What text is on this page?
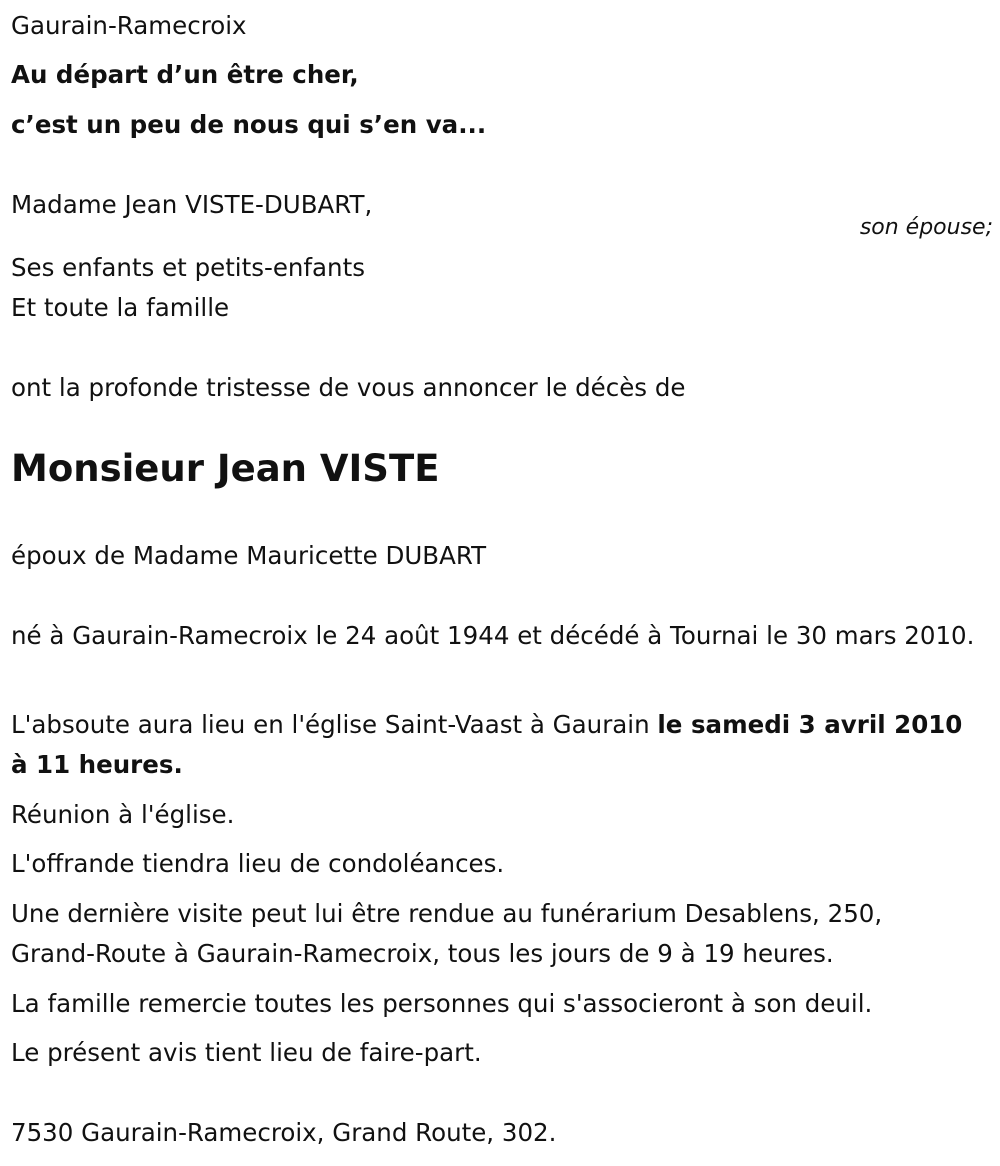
Gaurain-Ramecroix
Au départ d’un être cher,
c’est un peu de nous qui s’en va...
Madame Jean VISTE-DUBART,
son épouse;
Ses enfants et petits-enfants
Et toute la famille
ont la profonde tristesse de vous annoncer le décès de
Monsieur Jean VISTE
époux de Madame Mauricette DUBART
né à Gaurain-Ramecroix le 24 août 1944 et décédé à Tournai le 30 mars 2010.
L'absoute aura lieu en l'église Saint-Vaast à Gaurain le samedi 3 avril 2010 à 11 heures.
Réunion à l'église.
L'offrande tiendra lieu de condoléances.
Une dernière visite peut lui être rendue au funérarium Desablens, 250, Grand-Route à Gaurain-Ramecroix, tous les jours de 9 à 19 heures.
La famille remercie toutes les personnes qui s'associeront à son deuil.
Le présent avis tient lieu de faire-part.
7530 Gaurain-Ramecroix, Grand Route, 302.
